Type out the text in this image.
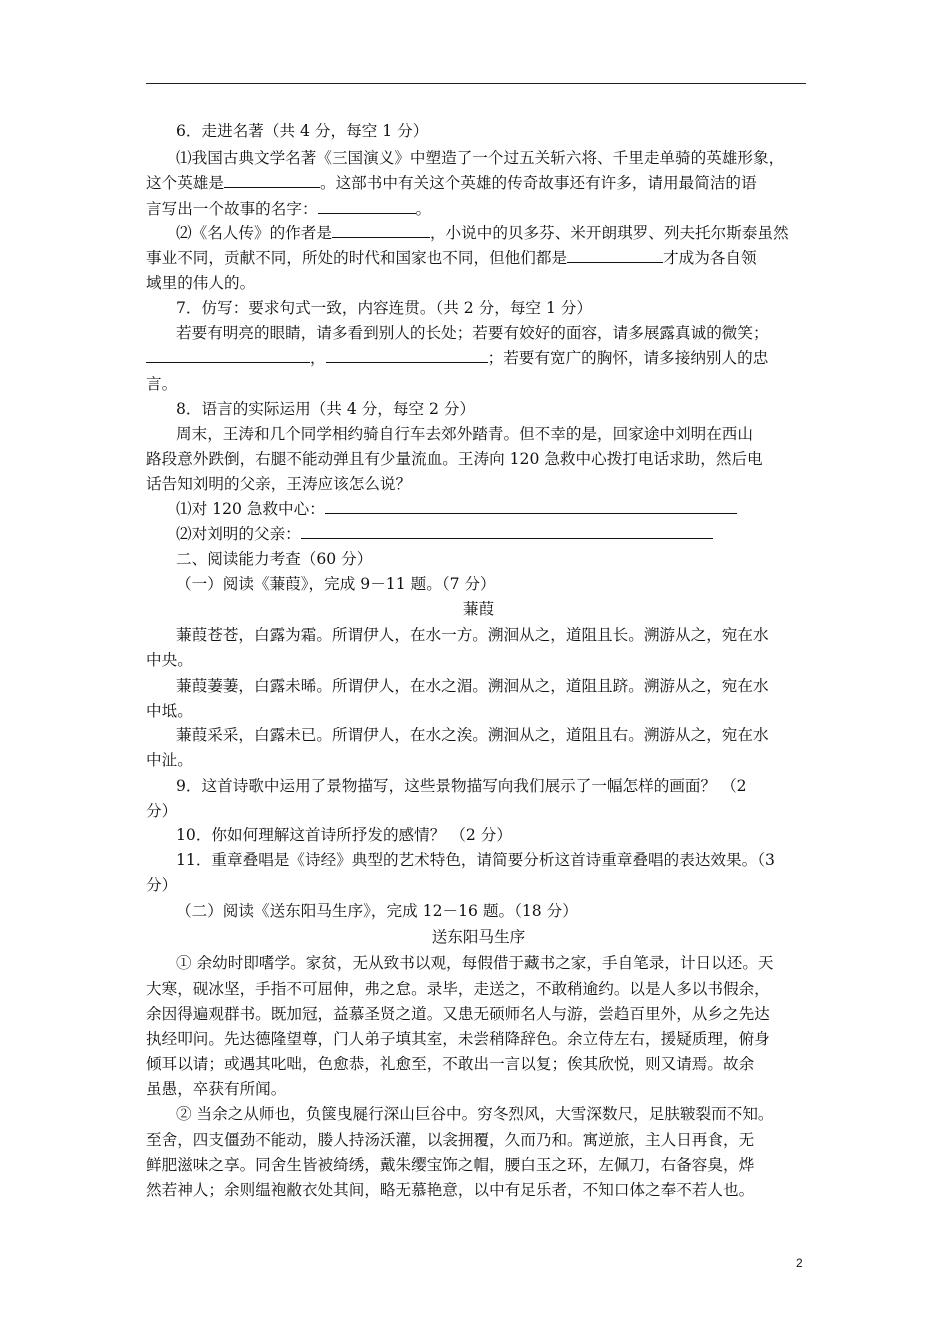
6．走进名著（共 4 分，每空 1 分）
⑴我国古典文学名著《三国演义》中塑造了一个过五关斩六将、千里走单骑的英雄形象，
这个英雄是	。这部书中有关这个英雄的传奇故事还有许多，请用最简洁的语
言写出一个故事的名字：	。
⑵《名人传》的作者是	，小说中的贝多芬、米开朗琪罗、列夫托尔斯泰虽然
事业不同，贡献不同，所处的时代和国家也不同，但他们都是	才成为各自领
域里的伟人的。
7．仿写：要求句式一致，内容连贯。（共 2 分，每空 1 分）
若要有明亮的眼睛，请多看到别人的长处；若要有姣好的面容，请多展露真诚的微笑；
，	；若要有宽广的胸怀，请多接纳别人的忠
言。
8．语言的实际运用（共 4 分，每空 2 分）
周末，王涛和几个同学相约骑自行车去郊外踏青。但不幸的是，回家途中刘明在西山
路段意外跌倒，右腿不能动弹且有少量流血。王涛向 120 急救中心拨打电话求助，然后电
话告知刘明的父亲，王涛应该怎么说？
⑴对 120 急救中心：
⑵对刘明的父亲：
二、阅读能力考查（60 分）
（一）阅读《蒹葭》，完成 9－11 题。（7 分）
蒹葭
蒹葭苍苍，白露为霜。所谓伊人，在水一方。溯洄从之，道阻且长。溯游从之，宛在水
中央。
蒹葭萋萋，白露未晞。所谓伊人，在水之湄。溯洄从之，道阻且跻。溯游从之，宛在水
中坻。
蒹葭采采，白露未已。所谓伊人，在水之涘。溯洄从之，道阻且右。溯游从之，宛在水
中沚。
9．这首诗歌中运用了景物描写，这些景物描写向我们展示了一幅怎样的画面？ （2
分）
10．你如何理解这首诗所抒发的感情？ （2 分）
11．重章叠唱是《诗经》典型的艺术特色，请简要分析这首诗重章叠唱的表达效果。（3
分）
（二）阅读《送东阳马生序》，完成 12－16 题。（18 分）
送东阳马生序
① 余幼时即嗜学。家贫，无从致书以观，每假借于藏书之家，手自笔录，计日以还。天
大寒，砚冰坚，手指不可屈伸，弗之怠。录毕，走送之，不敢稍逾约。以是人多以书假余，
余因得遍观群书。既加冠，益慕圣贤之道。又患无硕师名人与游，尝趋百里外，从乡之先达
执经叩问。先达德隆望尊，门人弟子填其室，未尝稍降辞色。余立侍左右，援疑质理，俯身
倾耳以请；或遇其叱咄，色愈恭，礼愈至，不敢出一言以复；俟其欣悦，则又请焉。故余
虽愚，卒获有所闻。
② 当余之从师也，负箧曳屣行深山巨谷中。穷冬烈风，大雪深数尺，足肤皲裂而不知。
至舍，四支僵劲不能动，媵人持汤沃灌，以衾拥覆，久而乃和。寓逆旅，主人日再食，无
鲜肥滋味之享。同舍生皆被绮绣，戴朱缨宝饰之帽，腰白玉之环，左佩刀，右备容臭，烨
然若神人；余则缊袍敝衣处其间，略无慕艳意，以中有足乐者，不知口体之奉不若人也。
2
